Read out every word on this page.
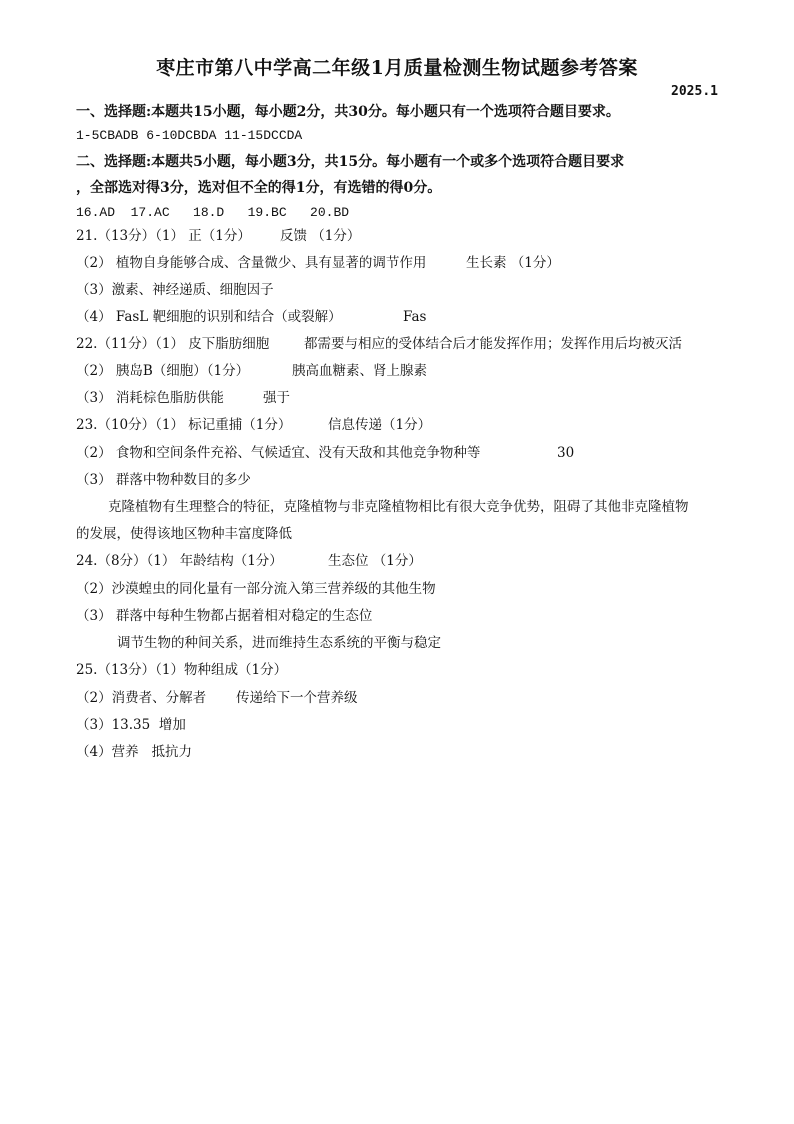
枣庄市第八中学高二年级1月质量检测生物试题参考答案
2025.1
一、选择题:本题共15小题，每小题2分，共30分。每小题只有一个选项符合题目要求。
1-5CBADB 6-10DCBDA 11-15DCCDA
二、选择题:本题共5小题，每小题3分，共15分。每小题有一个或多个选项符合题目要求
，全部选对得3分，选对但不全的得1分，有选错的得0分。
16.AD  17.AC   18.D   19.BC   20.BD
21.（13分）（1） 正（1分） 反馈 （1分）
（2） 植物自身能够合成、含量微少、具有显著的调节作用	生长素 （1分）
（3）激素、神经递质、细胞因子
（4） FasL 靶细胞的识别和结合（或裂解）	Fas
22.（11分）（1） 皮下脂肪细胞	都需要与相应的受体结合后才能发挥作用；发挥作用后均被灭活
（2） 胰岛B（细胞）（1分）	胰高血糖素、肾上腺素
（3） 消耗棕色脂肪供能	强于
23.（10分）（1） 标记重捕（1分）	信息传递（1分）
（2） 食物和空间条件充裕、气候适宜、没有天敌和其他竞争物种等	30
（3） 群落中物种数目的多少
克隆植物有生理整合的特征，克隆植物与非克隆植物相比有很大竞争优势，阻碍了其他非克隆植物
的发展，使得该地区物种丰富度降低
24.（8分）（1） 年龄结构（1分）	生态位 （1分）
（2）沙漠蝗虫的同化量有一部分流入第三营养级的其他生物
（3） 群落中每种生物都占据着相对稳定的生态位
调节生物的种间关系，进而维持生态系统的平衡与稳定
25.（13分）（1）物种组成（1分）
（2）消费者、分解者 传递给下一个营养级
（3）13.35  增加
（4）营养   抵抗力
